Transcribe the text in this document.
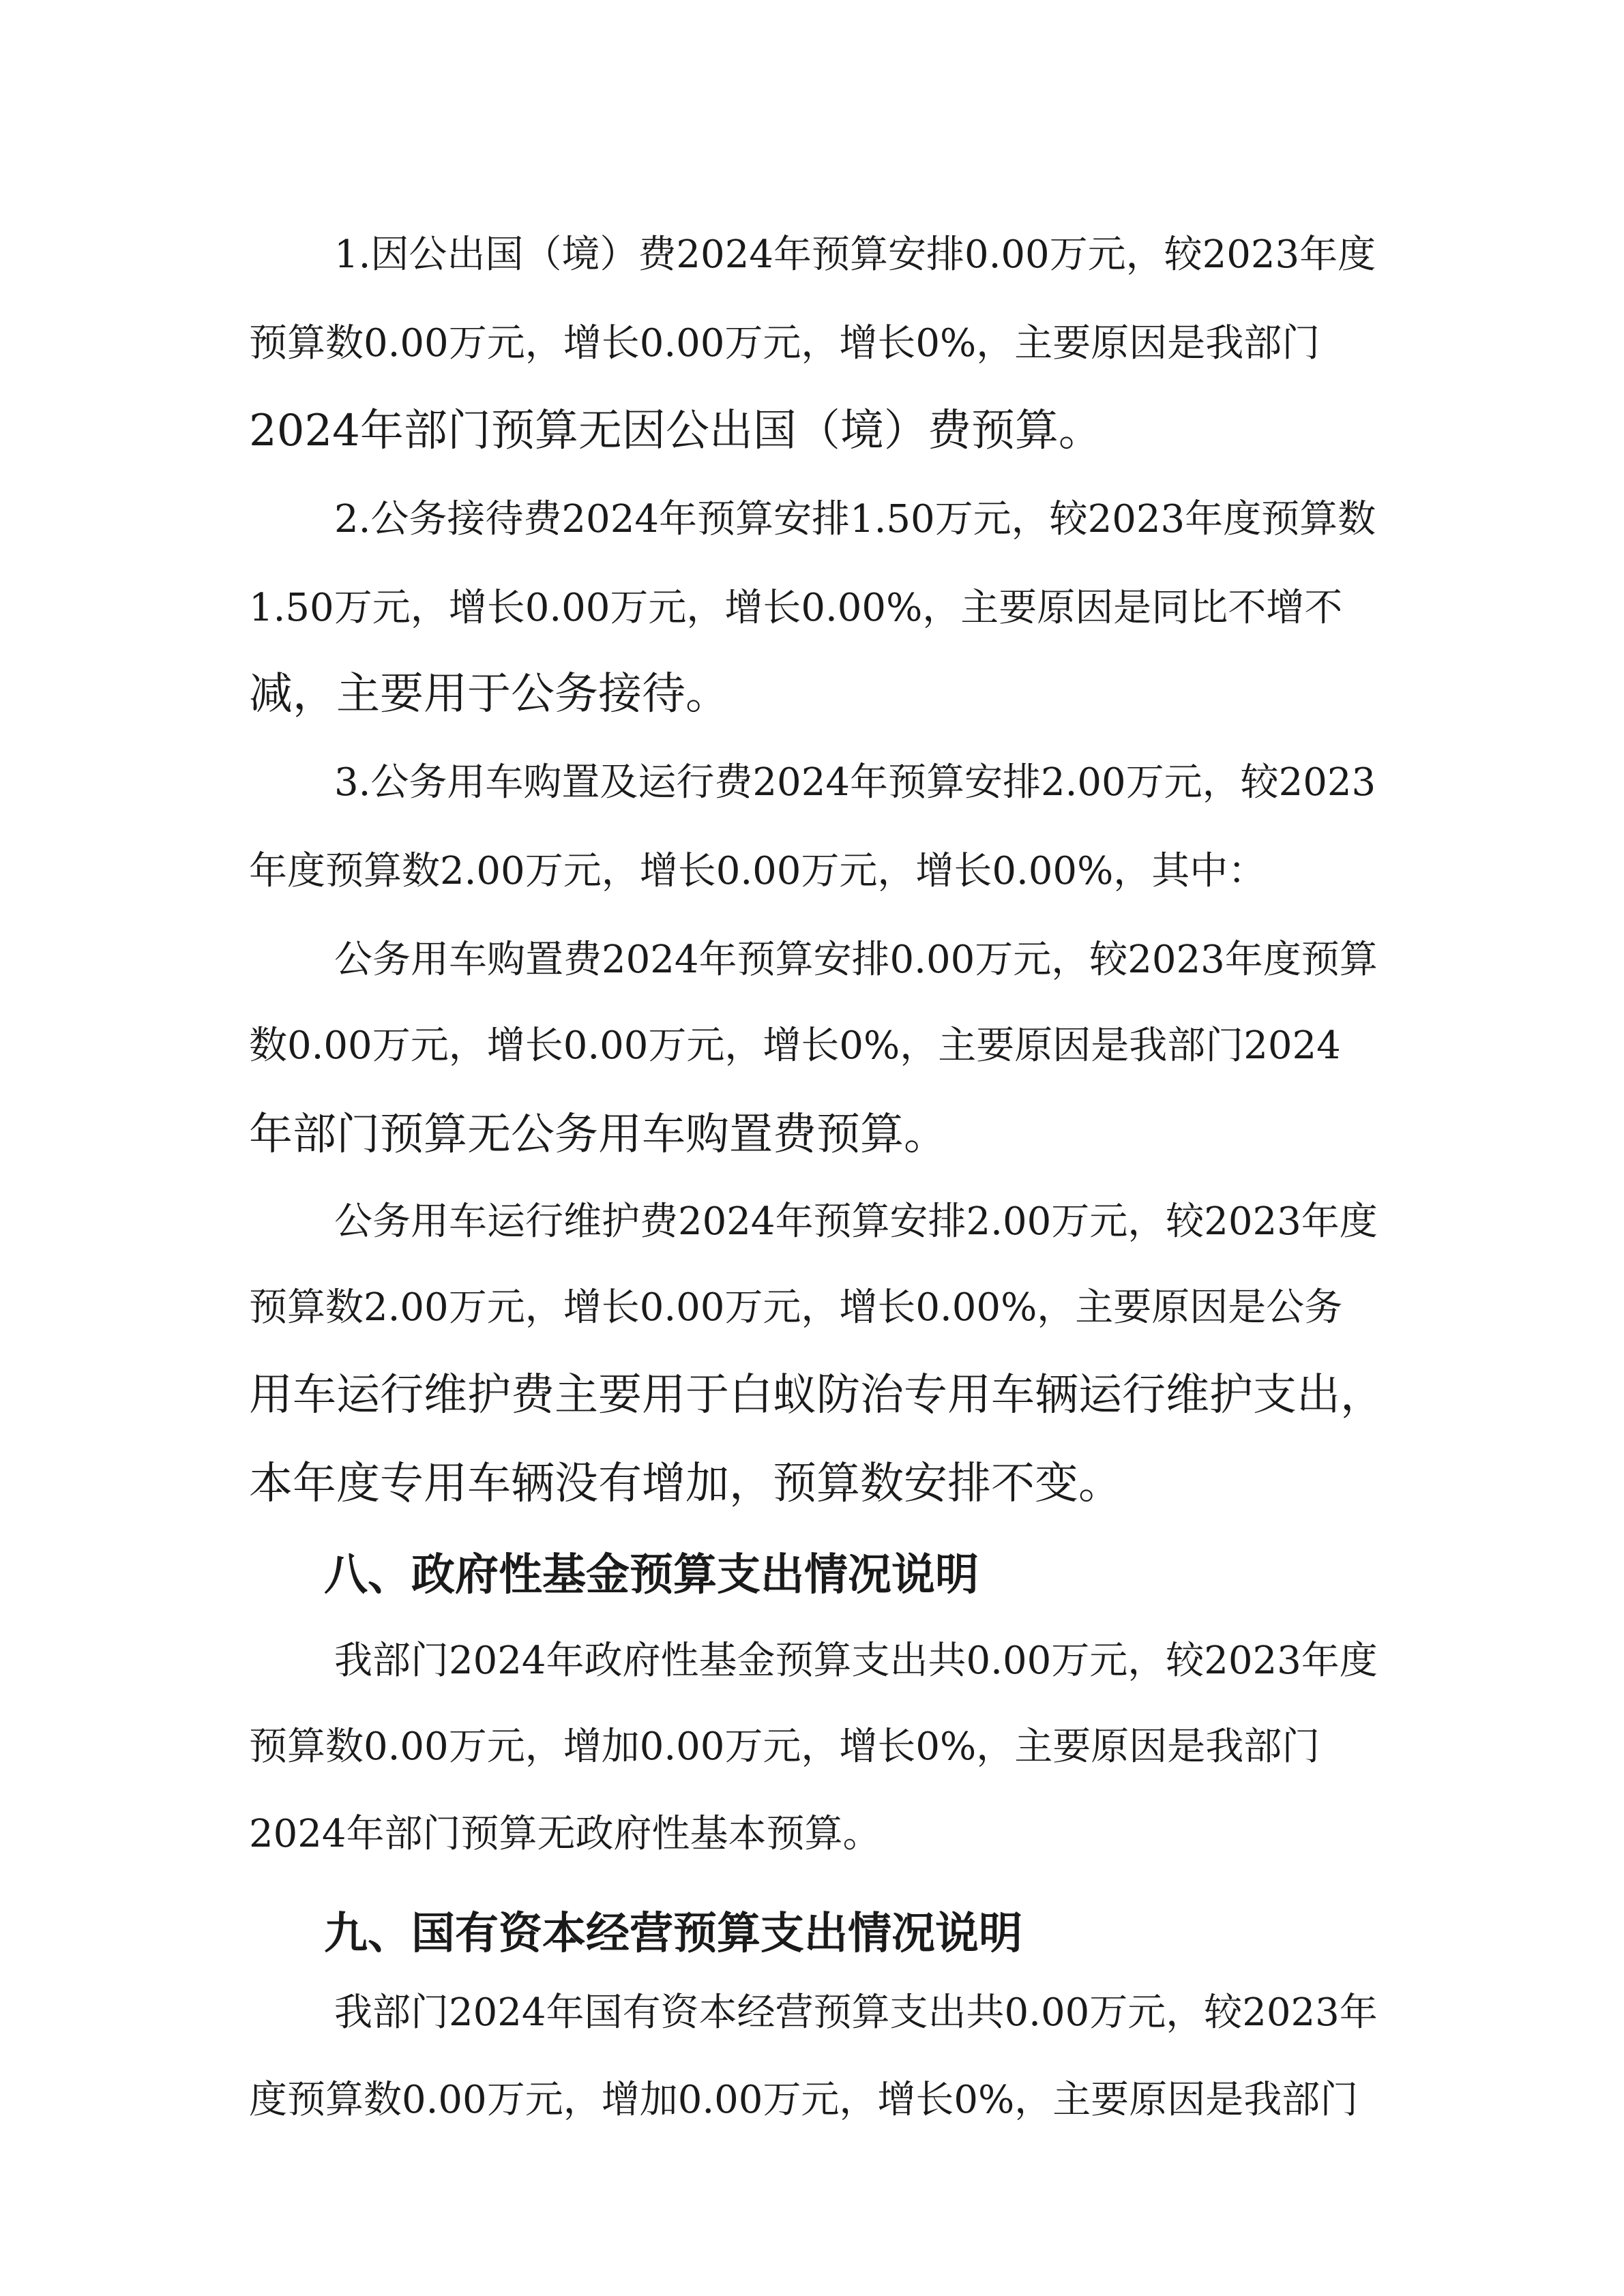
1.因公出国（境）费2024年预算安排0.00万元，较2023年度
预算数0.00万元，增长0.00万元，增长0%，主要原因是我部门
2024年部门预算无因公出国（境）费预算。
2.公务接待费2024年预算安排1.50万元，较2023年度预算数
1.50万元，增长0.00万元，增长0.00%，主要原因是同比不增不
减，主要用于公务接待。
3.公务用车购置及运行费2024年预算安排2.00万元，较2023
年度预算数2.00万元，增长0.00万元，增长0.00%，其中：
公务用车购置费2024年预算安排0.00万元，较2023年度预算
数0.00万元，增长0.00万元，增长0%，主要原因是我部门2024
年部门预算无公务用车购置费预算。
公务用车运行维护费2024年预算安排2.00万元，较2023年度
预算数2.00万元，增长0.00万元，增长0.00%，主要原因是公务
用车运行维护费主要用于白蚁防治专用车辆运行维护支出，
本年度专用车辆没有增加，预算数安排不变。
八、政府性基金预算支出情况说明
我部门2024年政府性基金预算支出共0.00万元，较2023年度
预算数0.00万元，增加0.00万元，增长0%，主要原因是我部门
2024年部门预算无政府性基本预算。
九、国有资本经营预算支出情况说明
我部门2024年国有资本经营预算支出共0.00万元，较2023年
度预算数0.00万元，增加0.00万元，增长0%，主要原因是我部门
